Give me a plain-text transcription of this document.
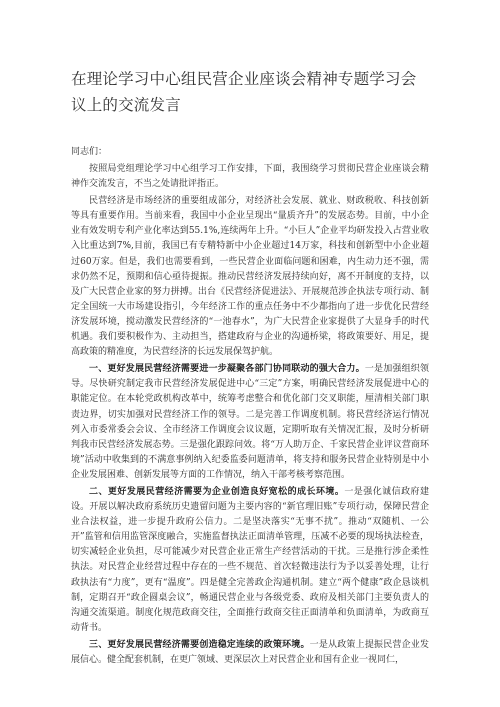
在理论学习中心组民营企业座谈会精神专题学习会议上的交流发言

同志们：

按照局党组理论学习中心组学习工作安排，下面，我围绕学习贯彻民营企业座谈会精神作交流发言，不当之处请批评指正。

民营经济是市场经济的重要组成部分，对经济社会发展、就业、财政税收、科技创新等具有重要作用。当前来看，我国中小企业呈现出“量质齐升”的发展态势。目前，中小企业有效发明专利产业化率达到55.1%,连续两年上升。“小巨人”企业平均研发投入占营业收入比重达到7%,目前，我国已有专精特新中小企业超过14万家，科技和创新型中小企业超过60万家。但是，我们也需要看到，一些民营企业面临问题和困难，内生动力还不强，需求仍然不足，预期和信心亟待提振。推动民营经济发展持续向好，离不开制度的支持，以及广大民营企业家的努力拼搏。出台《民营经济促进法》、开展规范涉企执法专项行动、制定全国统一大市场建设指引，今年经济工作的重点任务中不少都指向了进一步优化民营经济发展环境，搅动激发民营经济的“一池春水”，为广大民营企业家提供了大显身手的时代机遇。我们要积极作为、主动担当，搭建政府与企业的沟通桥梁，将政策要好、用足，提高政策的精准度，为民营经济的长远发展保驾护航。

一、更好发展民营经济需要进一步凝聚各部门协同联动的强大合力。一是加强组织领导。尽快研究制定我市民营经济发展促进中心“三定”方案，明确民营经济发展促进中心的职能定位。在本轮党政机构改革中，统筹考虑整合和优化部门交叉职能，厘清相关部门职责边界，切实加强对民营经济工作的领导。二是完善工作调度机制。将民营经济运行情况列入市委常委会会议、全市经济工作调度会议议题，定期听取有关情况汇报，及时分析研判我市民营经济发展态势。三是强化跟踪问效。将“万人助万企、千家民营企业评议营商环境”活动中收集到的不满意事例纳入纪委监委问题清单，将支持和服务民营企业特别是中小企业发展困难、创新发展等方面的工作情况，纳入干部考核考察范围。

二、更好发展民营经济需要为企业创造良好宽松的成长环境。一是强化诚信政府建设。开展以解决政府系统历史遗留问题为主要内容的“新官理旧账”专项行动，保障民营企业合法权益，进一步提升政府公信力。二是坚决落实“无事不扰”。推动“双随机、一公开”监管和信用监管深度融合，实施监督执法正面清单管理，压减不必要的现场执法检查，切实减轻企业负担，尽可能减少对民营企业正常生产经营活动的干扰。三是推行涉企柔性执法。对民营企业经营过程中存在的一些不规范、首次轻微违法行为予以妥善处理，让行政执法有“力度”，更有“温度”。四是健全完善政企沟通机制。建立“两个健康”政企恳谈机制，定期召开“政企圆桌会议”，畅通民营企业与各级党委、政府及相关部门主要负责人的沟通交流渠道。制度化规范政商交往，全面推行政商交往正面清单和负面清单，为政商互动背书。

三、更好发展民营经济需要创造稳定连续的政策环境。一是从政策上提振民营企业发展信心。健全配套机制，在更广领域、更深层次上对民营企业和国有企业一视同仁，
